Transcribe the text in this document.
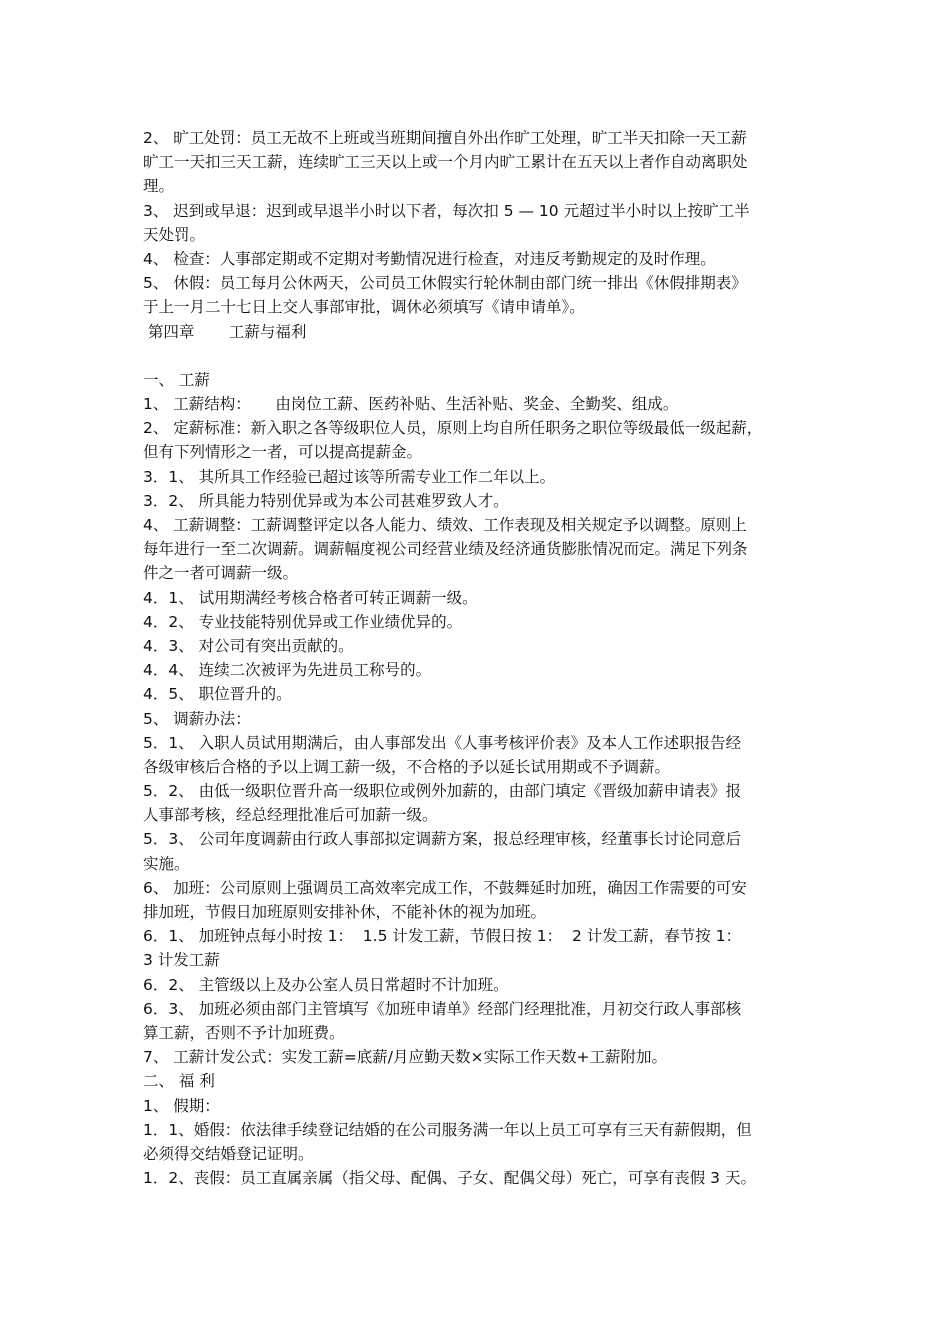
2、 旷工处罚：员工无故不上班或当班期间擅自外出作旷工处理，旷工半天扣除一天工薪
旷工一天扣三天工薪，连续旷工三天以上或一个月内旷工累计在五天以上者作自动离职处
理。
3、 迟到或早退：迟到或早退半小时以下者，每次扣 5 — 10 元超过半小时以上按旷工半
天处罚。
4、 检查：人事部定期或不定期对考勤情况进行检查，对违反考勤规定的及时作理。
5、 休假：员工每月公休两天，公司员工休假实行轮休制由部门统一排出《休假排期表》
于上一月二十七日上交人事部审批，调休必须填写《请申请单》。
第四章       工薪与福利
一、 工薪
1、 工薪结构：     由岗位工薪、医药补贴、生活补贴、奖金、全勤奖、组成。
2、 定薪标准：新入职之各等级职位人员，原则上均自所任职务之职位等级最低一级起薪，
但有下列情形之一者，可以提高提薪金。
3．1、 其所具工作经验已超过该等所需专业工作二年以上。
3．2、 所具能力特别优异或为本公司甚难罗致人才。
4、 工薪调整：工薪调整评定以各人能力、绩效、工作表现及相关规定予以调整。原则上
每年进行一至二次调薪。调薪幅度视公司经营业绩及经济通货膨胀情况而定。满足下列条
件之一者可调薪一级。
4．1、 试用期满经考核合格者可转正调薪一级。
4．2、 专业技能特别优异或工作业绩优异的。
4．3、 对公司有突出贡献的。
4．4、 连续二次被评为先进员工称号的。
4．5、 职位晋升的。
5、 调薪办法：
5．1、 入职人员试用期满后，由人事部发出《人事考核评价表》及本人工作述职报告经
各级审核后合格的予以上调工薪一级，不合格的予以延长试用期或不予调薪。
5．2、 由低一级职位晋升高一级职位或例外加薪的，由部门填定《晋级加薪申请表》报
人事部考核，经总经理批准后可加薪一级。
5．3、 公司年度调薪由行政人事部拟定调薪方案，报总经理审核，经董事长讨论同意后
实施。
6、 加班：公司原则上强调员工高效率完成工作，不鼓舞延时加班，确因工作需要的可安
排加班，节假日加班原则安排补休，不能补休的视为加班。
6．1、 加班钟点每小时按 1：  1.5 计发工薪，节假日按 1：  2 计发工薪，春节按 1：
3 计发工薪
6．2、 主管级以上及办公室人员日常超时不计加班。
6．3、 加班必须由部门主管填写《加班申请单》经部门经理批准，月初交行政人事部核
算工薪，否则不予计加班费。
7、 工薪计发公式：实发工薪=底薪/月应勤天数×实际工作天数+工薪附加。
二、 福 利
1、 假期：
1．1、婚假：依法律手续登记结婚的在公司服务满一年以上员工可享有三天有薪假期，但
必须得交结婚登记证明。
1．2、丧假：员工直属亲属（指父母、配偶、子女、配偶父母）死亡，可享有丧假 3 天。
